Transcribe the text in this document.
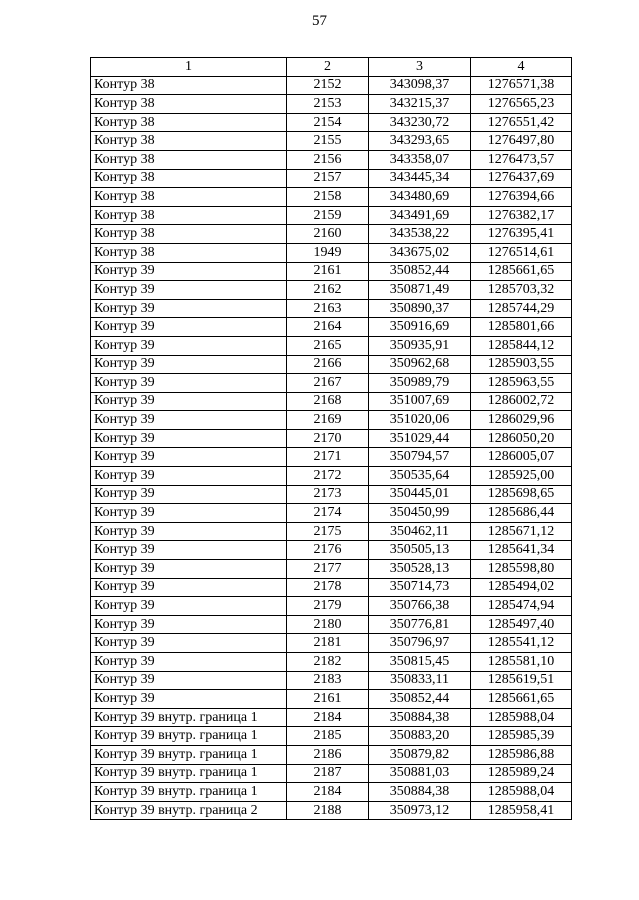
57
1	2	3	4
Контур 38	2152	343098,37	1276571,38
Контур 38	2153	343215,37	1276565,23
Контур 38	2154	343230,72	1276551,42
Контур 38	2155	343293,65	1276497,80
Контур 38	2156	343358,07	1276473,57
Контур 38	2157	343445,34	1276437,69
Контур 38	2158	343480,69	1276394,66
Контур 38	2159	343491,69	1276382,17
Контур 38	2160	343538,22	1276395,41
Контур 38	1949	343675,02	1276514,61
Контур 39	2161	350852,44	1285661,65
Контур 39	2162	350871,49	1285703,32
Контур 39	2163	350890,37	1285744,29
Контур 39	2164	350916,69	1285801,66
Контур 39	2165	350935,91	1285844,12
Контур 39	2166	350962,68	1285903,55
Контур 39	2167	350989,79	1285963,55
Контур 39	2168	351007,69	1286002,72
Контур 39	2169	351020,06	1286029,96
Контур 39	2170	351029,44	1286050,20
Контур 39	2171	350794,57	1286005,07
Контур 39	2172	350535,64	1285925,00
Контур 39	2173	350445,01	1285698,65
Контур 39	2174	350450,99	1285686,44
Контур 39	2175	350462,11	1285671,12
Контур 39	2176	350505,13	1285641,34
Контур 39	2177	350528,13	1285598,80
Контур 39	2178	350714,73	1285494,02
Контур 39	2179	350766,38	1285474,94
Контур 39	2180	350776,81	1285497,40
Контур 39	2181	350796,97	1285541,12
Контур 39	2182	350815,45	1285581,10
Контур 39	2183	350833,11	1285619,51
Контур 39	2161	350852,44	1285661,65
Контур 39 внутр. граница 1	2184	350884,38	1285988,04
Контур 39 внутр. граница 1	2185	350883,20	1285985,39
Контур 39 внутр. граница 1	2186	350879,82	1285986,88
Контур 39 внутр. граница 1	2187	350881,03	1285989,24
Контур 39 внутр. граница 1	2184	350884,38	1285988,04
Контур 39 внутр. граница 2	2188	350973,12	1285958,41
